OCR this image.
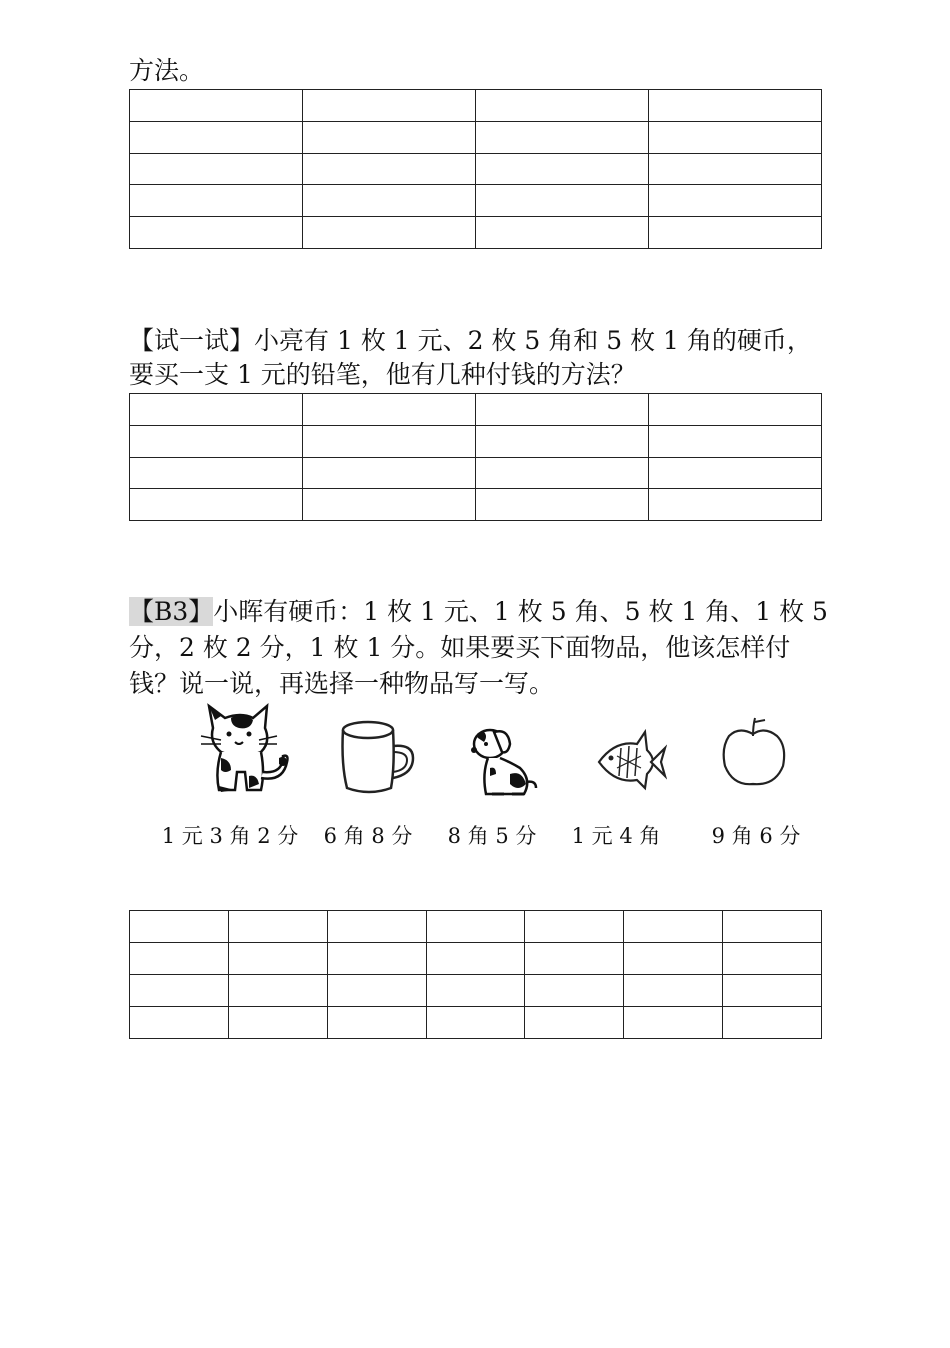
方法。

【试一试】小亮有 1 枚 1 元、2 枚 5 角和 5 枚 1 角的硬币，
要买一支 1 元的铅笔，他有几种付钱的方法？

【B3】小晖有硬币：1 枚 1 元、1 枚 5 角、5 枚 1 角、1 枚 5
分，2 枚 2 分，1 枚 1 分。如果要买下面物品，他该怎样付
钱？说一说，再选择一种物品写一写。
1 元 3 角 2 分 6 角 8 分 8 角 5 分 1 元 4 角	9 角 6 分
